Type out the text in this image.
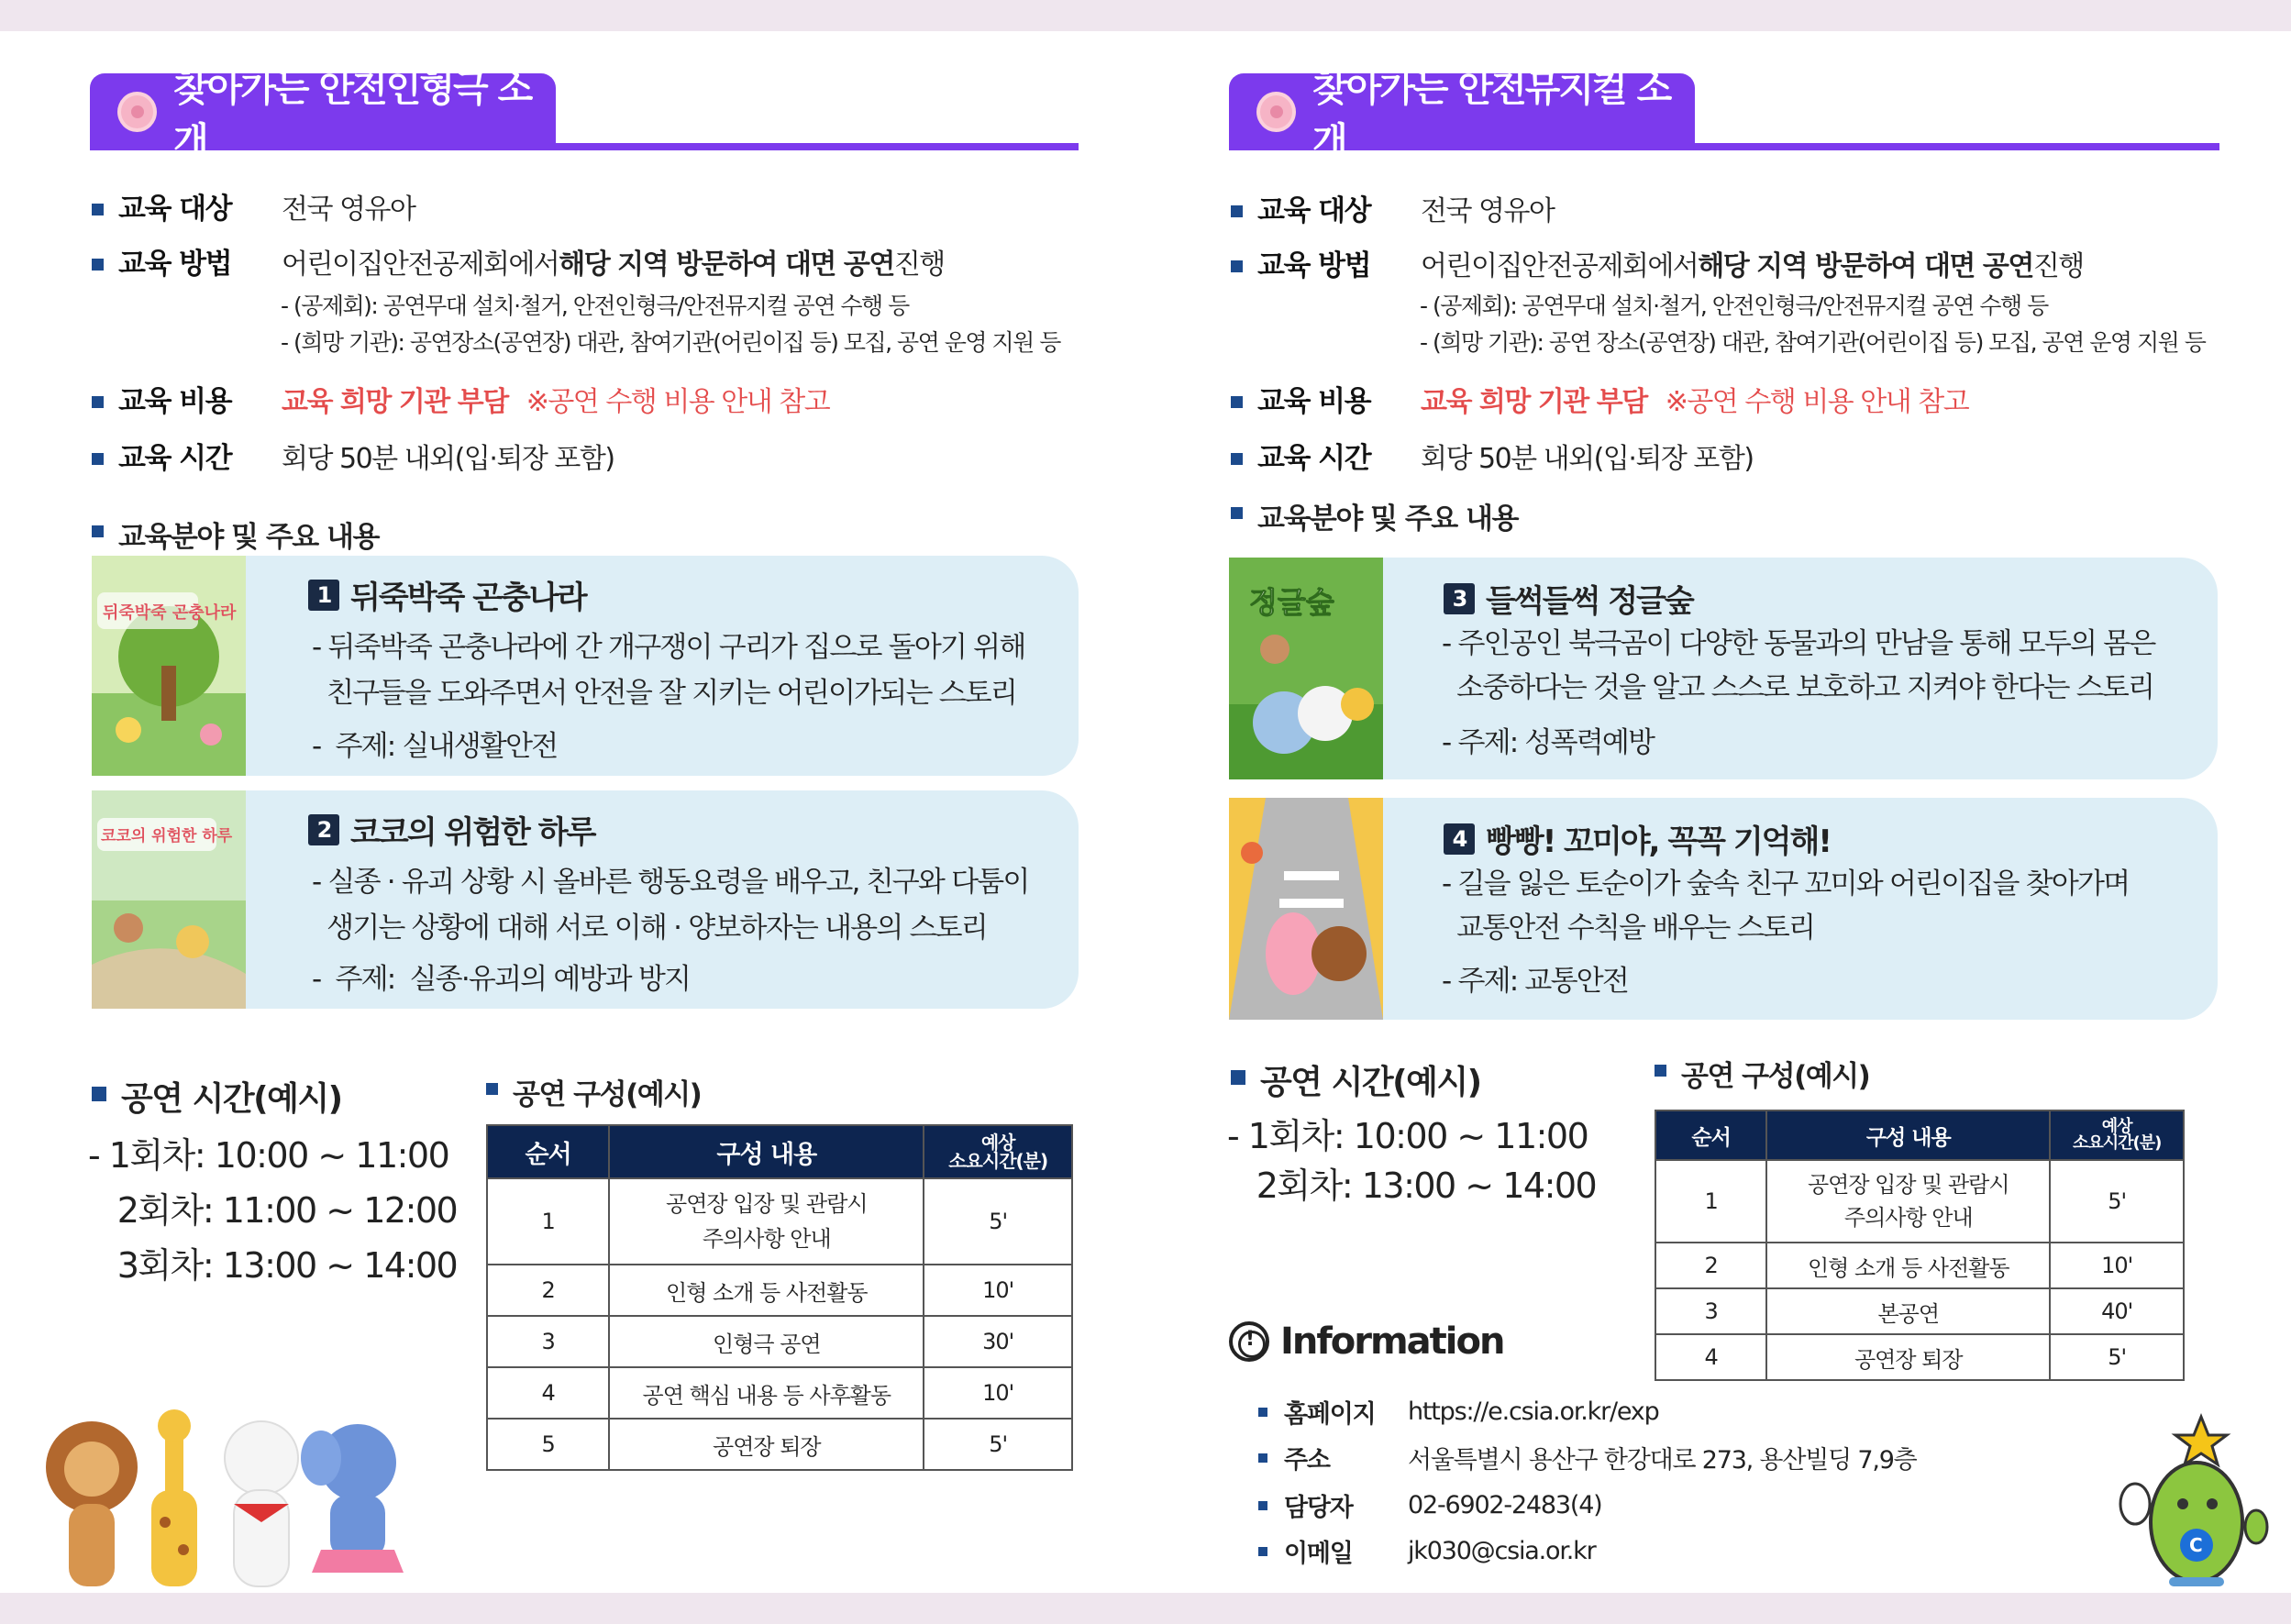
찾아가는 안전인형극 소개
교육 대상	전국 영유아
교육 방법	어린이집안전공제회에서 해당 지역 방문하여 대면 공연 진행
- (공제회): 공연무대 설치·철거, 안전인형극/안전뮤지컬 공연 수행 등
- (희망 기관): 공연장소(공연장) 대관, 참여기관(어린이집 등) 모집, 공연 운영 지원 등
교육 비용	교육 희망 기관 부담 ※공연 수행 비용 안내 참고
교육 시간	회당 50분 내외(입·퇴장 포함)
교육분야 및 주요 내용
뒤죽박죽 곤충나라
1 뒤죽박죽 곤충나라
- 뒤죽박죽 곤충나라에 간 개구쟁이 구리가 집으로 돌아기 위해
친구들을 도와주면서 안전을 잘 지키는 어린이가되는 스토리
-  주제: 실내생활안전
코코의 위험한 하루	2 코코의 위험한 하루
- 실종 · 유괴 상황 시 올바른 행동요령을 배우고, 친구와 다툼이
생기는 상황에 대해 서로 이해 · 양보하자는 내용의 스토리
-  주제:  실종·유괴의 예방과 방지
공연 시간(예시)
- 1회차: 10:00 ~ 11:00
2회차: 11:00 ~ 12:00
3회차: 13:00 ~ 14:00
공연 구성(예시)
순서	구성 내용	예상
소요시간(분)
1	공연장 입장 및 관람시
주의사항 안내	5'
2	인형 소개 등 사전활동	10'
3	인형극 공연	30'
4	공연 핵심 내용 등 사후활동	10'
5	공연장 퇴장	5'
찾아가는 안전뮤지컬 소개
교육 대상	전국 영유아
교육 방법	어린이집안전공제회에서 해당 지역 방문하여 대면 공연 진행
- (공제회): 공연무대 설치·철거, 안전인형극/안전뮤지컬 공연 수행 등
- (희망 기관): 공연 장소(공연장) 대관, 참여기관(어린이집 등) 모집, 공연 운영 지원 등
교육 비용	교육 희망 기관 부담 ※공연 수행 비용 안내 참고
교육 시간	회당 50분 내외(입·퇴장 포함)
교육분야 및 주요 내용
정글숲	3 들썩들썩 정글숲
- 주인공인 북극곰이 다양한 동물과의 만남을 통해 모두의 몸은
소중하다는 것을 알고 스스로 보호하고 지켜야 한다는 스토리
- 주제: 성폭력예방
4 빵빵! 꼬미야, 꼭꼭 기억해!
- 길을 잃은 토순이가 숲속 친구 꼬미와 어린이집을 찾아가며
교통안전 수칙을 배우는 스토리
- 주제: 교통안전
공연 시간(예시)
- 1회차: 10:00 ~ 11:00
2회차: 13:00 ~ 14:00
공연 구성(예시)
순서	구성 내용	예상
소요시간(분)
1	공연장 입장 및 관람시
주의사항 안내	5'
2	인형 소개 등 사전활동	10'
3	본공연	40'
4	공연장 퇴장	5'
!
Information
홈페이지	https://e.csia.or.kr/exp
주소	서울특별시 용산구 한강대로 273, 용산빌딩 7,9층
담당자	02-6902-2483(4)
이메일	jk030@csia.or.kr	C
